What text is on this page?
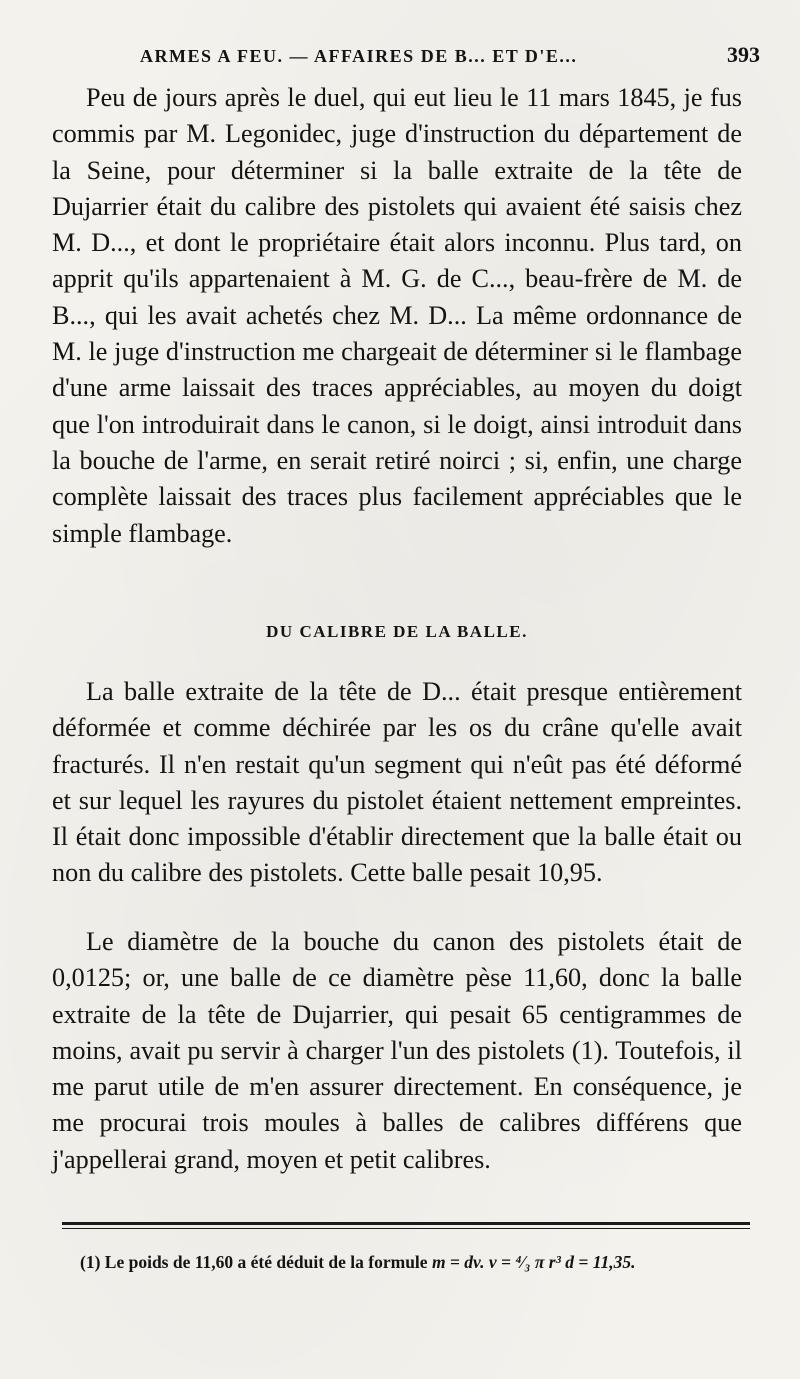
ARMES A FEU. — AFFAIRES DE B... ET D'E...	393

Peu de jours après le duel, qui eut lieu le 11 mars 1845, je fus commis par M. Legonidec, juge d'instruction du département de la Seine, pour déterminer si la balle extraite de la tête de Dujarrier était du calibre des pistolets qui avaient été saisis chez M. D..., et dont le propriétaire était alors inconnu. Plus tard, on apprit qu'ils appartenaient à M. G. de C..., beau-frère de M. de B..., qui les avait achetés chez M. D... La même ordonnance de M. le juge d'instruction me chargeait de déterminer si le flambage d'une arme laissait des traces appréciables, au moyen du doigt que l'on introduirait dans le canon, si le doigt, ainsi introduit dans la bouche de l'arme, en serait retiré noirci ; si, enfin, une charge complète laissait des traces plus facilement appréciables que le simple flambage.

DU CALIBRE DE LA BALLE.

La balle extraite de la tête de D... était presque entièrement déformée et comme déchirée par les os du crâne qu'elle avait fracturés. Il n'en restait qu'un segment qui n'eût pas été déformé et sur lequel les rayures du pistolet étaient nettement empreintes. Il était donc impossible d'établir directement que la balle était ou non du calibre des pistolets. Cette balle pesait 10,95.

Le diamètre de la bouche du canon des pistolets était de 0,0125; or, une balle de ce diamètre pèse 11,60, donc la balle extraite de la tête de Dujarrier, qui pesait 65 centigrammes de moins, avait pu servir à charger l'un des pistolets (1). Toutefois, il me parut utile de m'en assurer directement. En conséquence, je me procurai trois moules à balles de calibres différens que j'appellerai grand, moyen et petit calibres.

(1) Le poids de 11,60 a été déduit de la formule m = dv. v = ⁴⁄₃ π r³ d = 11,35.
